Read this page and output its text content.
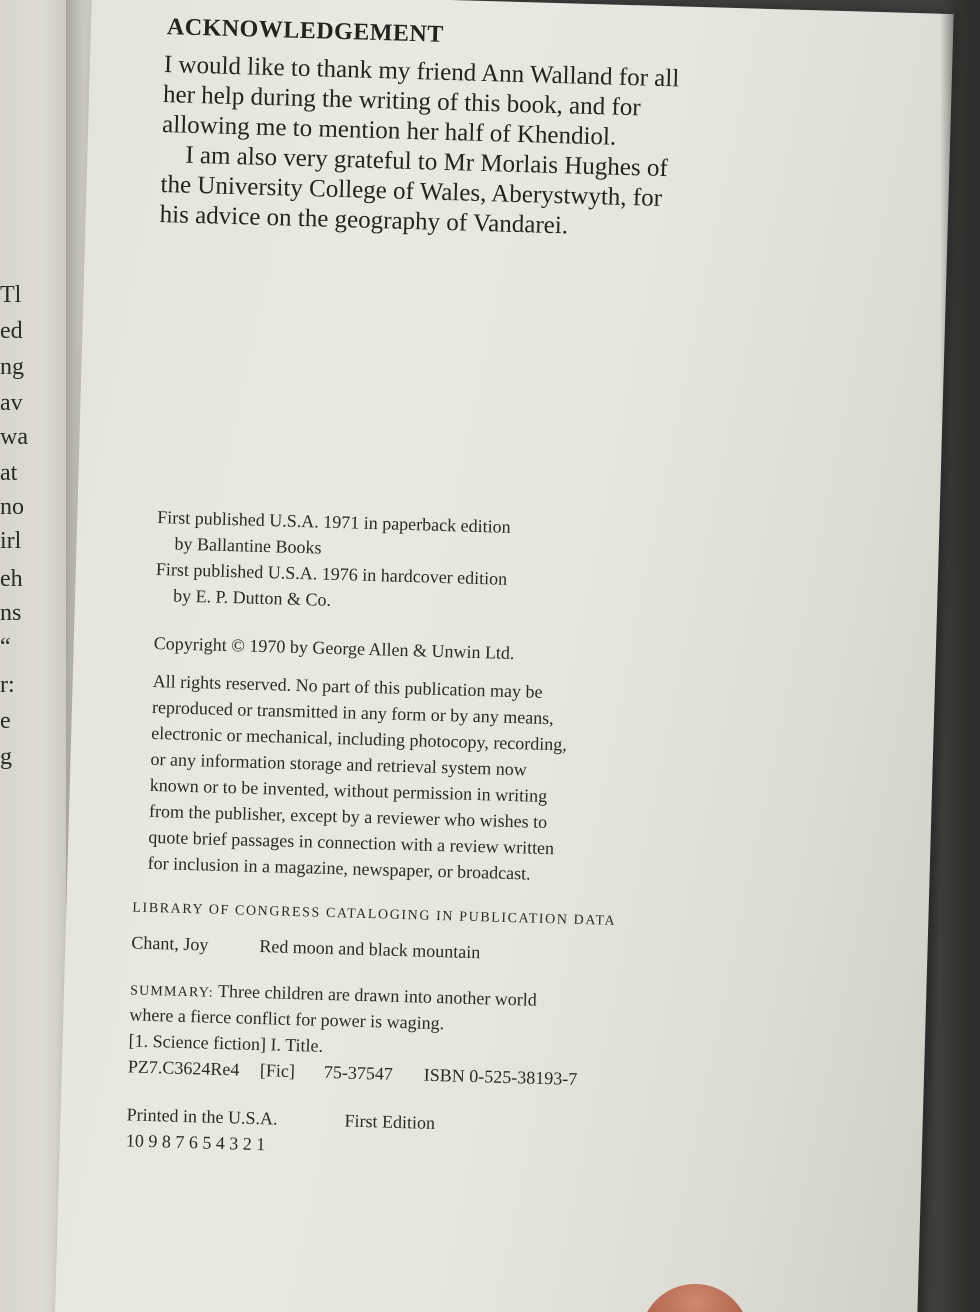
Tl
ed
ng
av
wa
at
no
irl
eh
ns
“
r:
e
g
ACKNOWLEDGEMENT

I would like to thank my friend Ann Walland for all

her help during the writing of this book, and for

allowing me to mention her half of Khendiol.

I am also very grateful to Mr Morlais Hughes of

the University College of Wales, Aberystwyth, for

his advice on the geography of Vandarei.

First published U.S.A. 1971 in paperback edition

by Ballantine Books

First published U.S.A. 1976 in hardcover edition

by E. P. Dutton & Co.

Copyright © 1970 by George Allen & Unwin Ltd.

All rights reserved. No part of this publication may be

reproduced or transmitted in any form or by any means,

electronic or mechanical, including photocopy, recording,

or any information storage and retrieval system now

known or to be invented, without permission in writing

from the publisher, except by a reviewer who wishes to

quote brief passages in connection with a review written

for inclusion in a magazine, newspaper, or broadcast.

LIBRARY OF CONGRESS CATALOGING IN PUBLICATION DATA

Chant, Joy	Red moon and black mountain

SUMMARY: Three children are drawn into another world

where a fierce conflict for power is waging.

[1. Science fiction] I. Title.

PZ7.C3624Re4 [Fic] 75-37547 ISBN 0-525-38193-7

Printed in the U.S.A.	First Edition

10 9 8 7 6 5 4 3 2 1
